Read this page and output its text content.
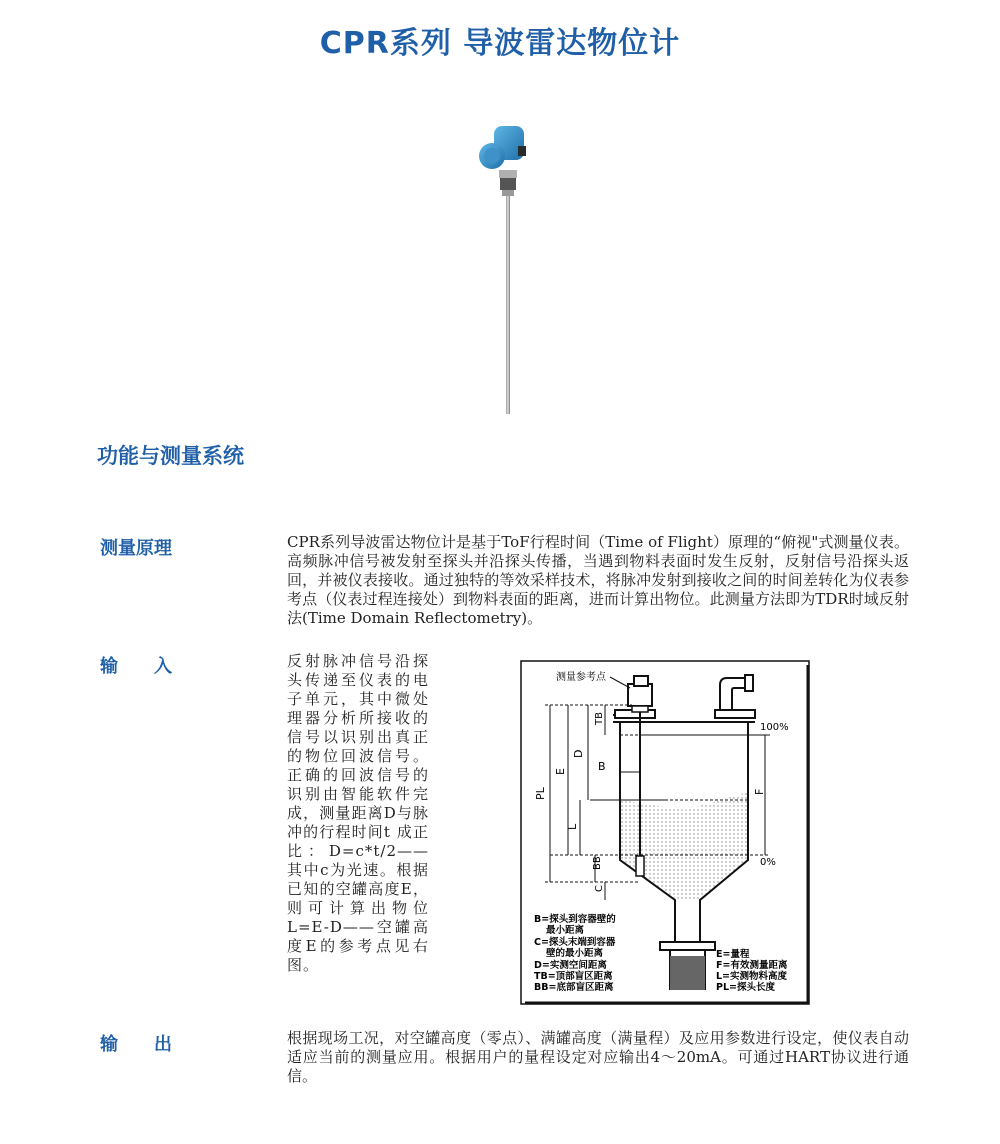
CPR系列 导波雷达物位计
功能与测量系统
测量原理	CPR系列导波雷达物位计是基于ToF行程时间（Time of Flight）原理的“俯视"式测量仪表。高频脉冲信号被发射至探头并沿探头传播，当遇到物料表面时发生反射，反射信号沿探头返回，并被仪表接收。通过独特的等效采样技术，将脉冲发射到接收之间的时间差转化为仪表参考点（仪表过程连接处）到物料表面的距离，进而计算出物位。此测量方法即为TDR时域反射法(Time Domain Reflectometry)。

输　　入	反射脉冲信号沿探头传递至仪表的电子单元，其中微处理器分析所接收的信号以识别出真正的物位回波信号。正确的回波信号的识别由智能软件完成，测量距离D与脉冲的行程时间t 成正比：D=c*t/2——其中c为光速。根据已知的空罐高度E，则可计算出物位L=E-D——空罐高度E的参考点见右图。

输　　出	根据现场工况，对空罐高度（零点）、满罐高度（满量程）及应用参数进行设定，使仪表自动适应当前的测量应用。根据用户的量程设定对应输出4～20mA。可通过HART协议进行通信。

测量参考点
TB
D
E
PL
B
L
BB
C
F
100%
0%
B=探头到容器壁的
最小距离
C=探头末端到容器
壁的最小距离
D=实测空间距离
TB=顶部盲区距离
BB=底部盲区距离
E=量程
F=有效测量距离
L=实测物料高度
PL=探头长度
